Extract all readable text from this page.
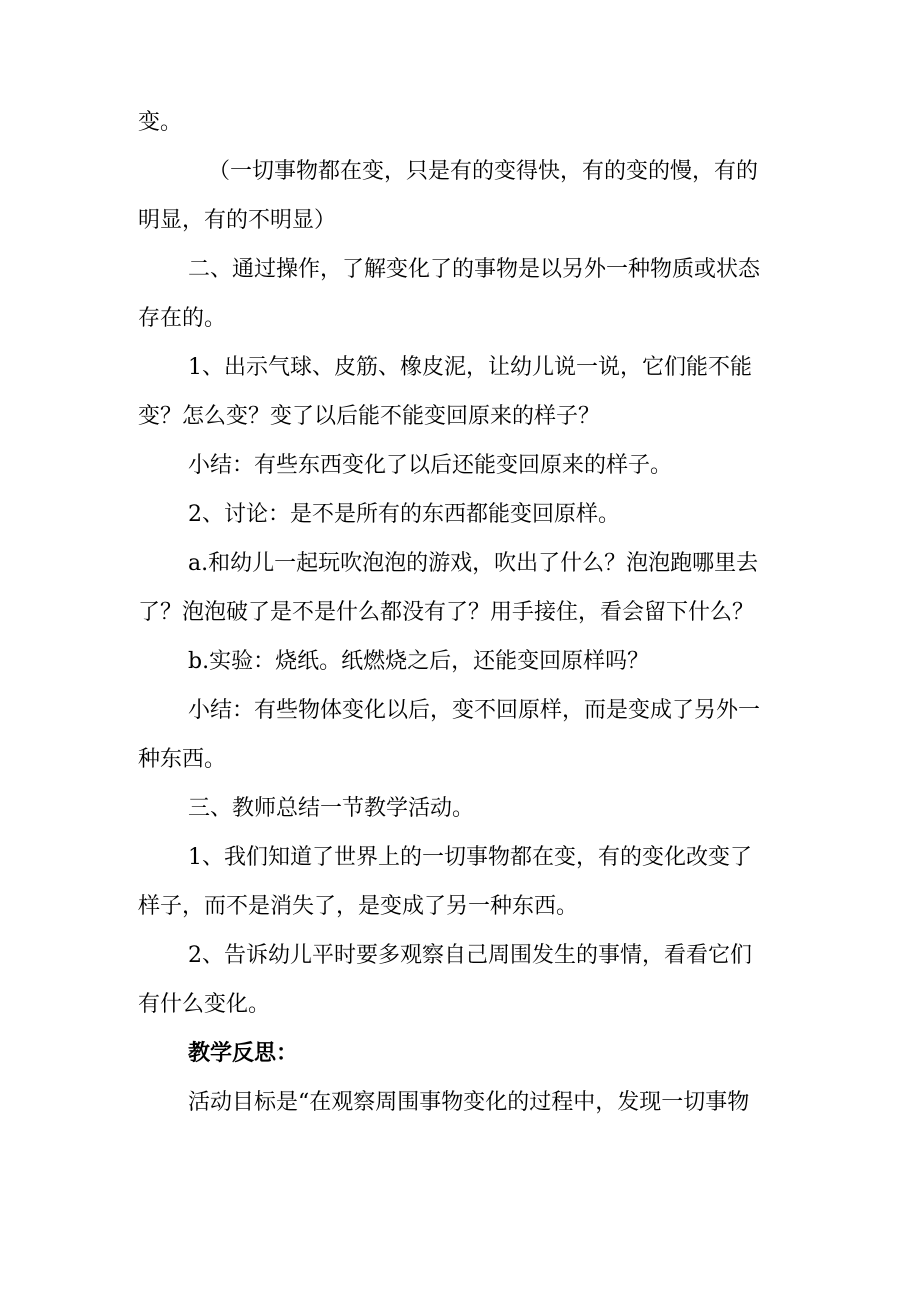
变。
（一切事物都在变，只是有的变得快，有的变的慢，有的
明显，有的不明显）
二、通过操作，了解变化了的事物是以另外一种物质或状态
存在的。
1、出示气球、皮筋、橡皮泥，让幼儿说一说，它们能不能
变？怎么变？变了以后能不能变回原来的样子？
小结：有些东西变化了以后还能变回原来的样子。
2、讨论：是不是所有的东西都能变回原样。
a.和幼儿一起玩吹泡泡的游戏，吹出了什么？泡泡跑哪里去
了？泡泡破了是不是什么都没有了？用手接住，看会留下什么？
b.实验：烧纸。纸燃烧之后，还能变回原样吗？
小结：有些物体变化以后，变不回原样，而是变成了另外一
种东西。
三、教师总结一节教学活动。
1、我们知道了世界上的一切事物都在变，有的变化改变了
样子，而不是消失了，是变成了另一种东西。
2、告诉幼儿平时要多观察自己周围发生的事情，看看它们
有什么变化。
教学反思：
活动目标是“在观察周围事物变化的过程中，发现一切事物
